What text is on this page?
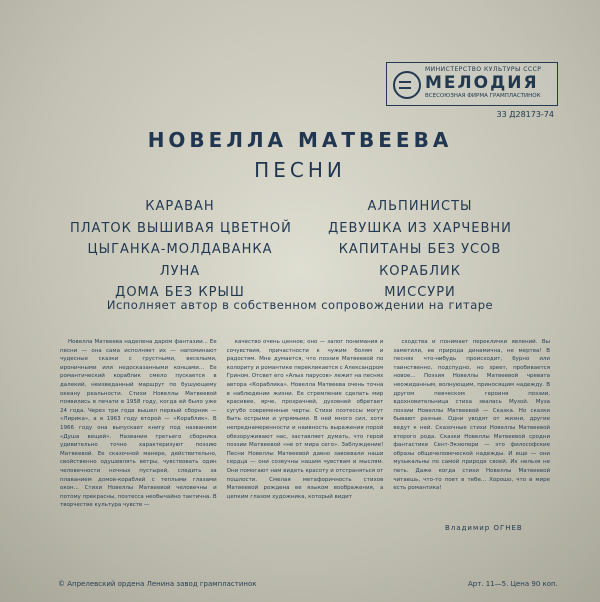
МИНИСТЕРСТВО КУЛЬТУРЫ СССР
МЕЛОДИЯ
ВСЕСОЮЗНАЯ ФИРМА ГРАМПЛАСТИНОК
33 Д28173-74
НОВЕЛЛА МАТВЕЕВА
ПЕСНИ
КАРАВАН
ПЛАТОК ВЫШИВАЯ ЦВЕТНОЙ
ЦЫГАНКА-МОЛДАВАНКА
ЛУНА
ДОМА БЕЗ КРЫШ
АЛЬПИНИСТЫ
ДЕВУШКА ИЗ ХАРЧЕВНИ
КАПИТАНЫ БЕЗ УСОВ
КОРАБЛИК
МИССУРИ
Исполняет автор в собственном сопровождении на гитаре

Новелла Матвеева наделена даром фантазии... Ее песни — она сама исполняет их — напоминают чудесные сказки с грустными, веселыми, ироничными или недосказанными концами... Ее романтический кораблик смело пускается в далекий, неизведанный маршрут по бушующему океану реальности. Стихи Новеллы Матвеевой появились в печати в 1958 году, когда ей было уже 24 года. Через три года вышел первый сборник — «Лирика», а в 1963 году второй — «Кораблик». В 1966 году она выпускает книгу под названием «Душа вещей». Названия третьего сборника удивительно точно характеризуют поэзию Матвеевой. Ее сказочной манере, действительно, свойственно одушевлять ветры, чувствовать один человечности ночных пустырей, следить за плаванием домов-кораблей с теплыми глазами окон... Стихи Новеллы Матвеевой человечны и потому прекрасны, поэтесса необычайно тактична. В творчестве культура чувств —

качество очень ценное; оно — залог понимания и сочувствия, причастности к чужим болям и радостям. Мне думается, что поэзия Матвеевой по колориту и романтике перекликается с Александром Грином. Отсвет его «Алых парусов» лежит на песнях автора «Кораблика». Новелла Матвеева очень точна в наблюдении жизни. Ее стремление сделать мир красивее, ярче, прозрачней, духовней обретает сугубо современные черты. Стихи поэтессы могут быть острыми и упрямыми. В ней много сил, хотя непреднамеренности и наивность выражения порой обезоруживают нас, заставляет думать, что герой поэзии Матвеевой «не от мира сего». Заблуждение! Песни Новеллы Матвеевой давно завоевали наши сердца — они созвучны нашим чувствам и мыслям. Они помогают нам видеть красоту и отстраняться от пошлости. Смелая метафоричность стихов Матвеевой рождена ее языком воображения, а цепким глазом художника, который видит

сходства и понимает переклички явлений. Вы заметили, ее природа динамична, не мертва! В песнях что-нибудь происходит, бурно или таинственно, подспудно, но зреет, пробивается новое... Поэзия Новеллы Матвеевой чревата неожиданным, волнующим, приносящим надежду. В другом певческом героиня поэзии, вдохновительница стиха звалась Музой. Муза поэзии Новеллы Матвеевой — Сказка. Но сказки бывают разные. Одни уводят от жизни, другие ведут к ней. Сказочные стихи Новеллы Матвеевой второго рода. Сказки Новеллы Матвеевой сродни фантастике Сент-Экзюпери — это философские образы общечеловеческой надежды. И еще — они музыкальны по самой природе своей. Их нельзя не петь. Даже когда стихи Новеллы Матвеевой читаешь, что-то поет в тебе... Хорошо, что в мире есть романтика!

Владимир ОГНЕВ
© Апрелевский ордена Ленина завод грампластинок	Арт. 11—5. Цена 90 коп.
